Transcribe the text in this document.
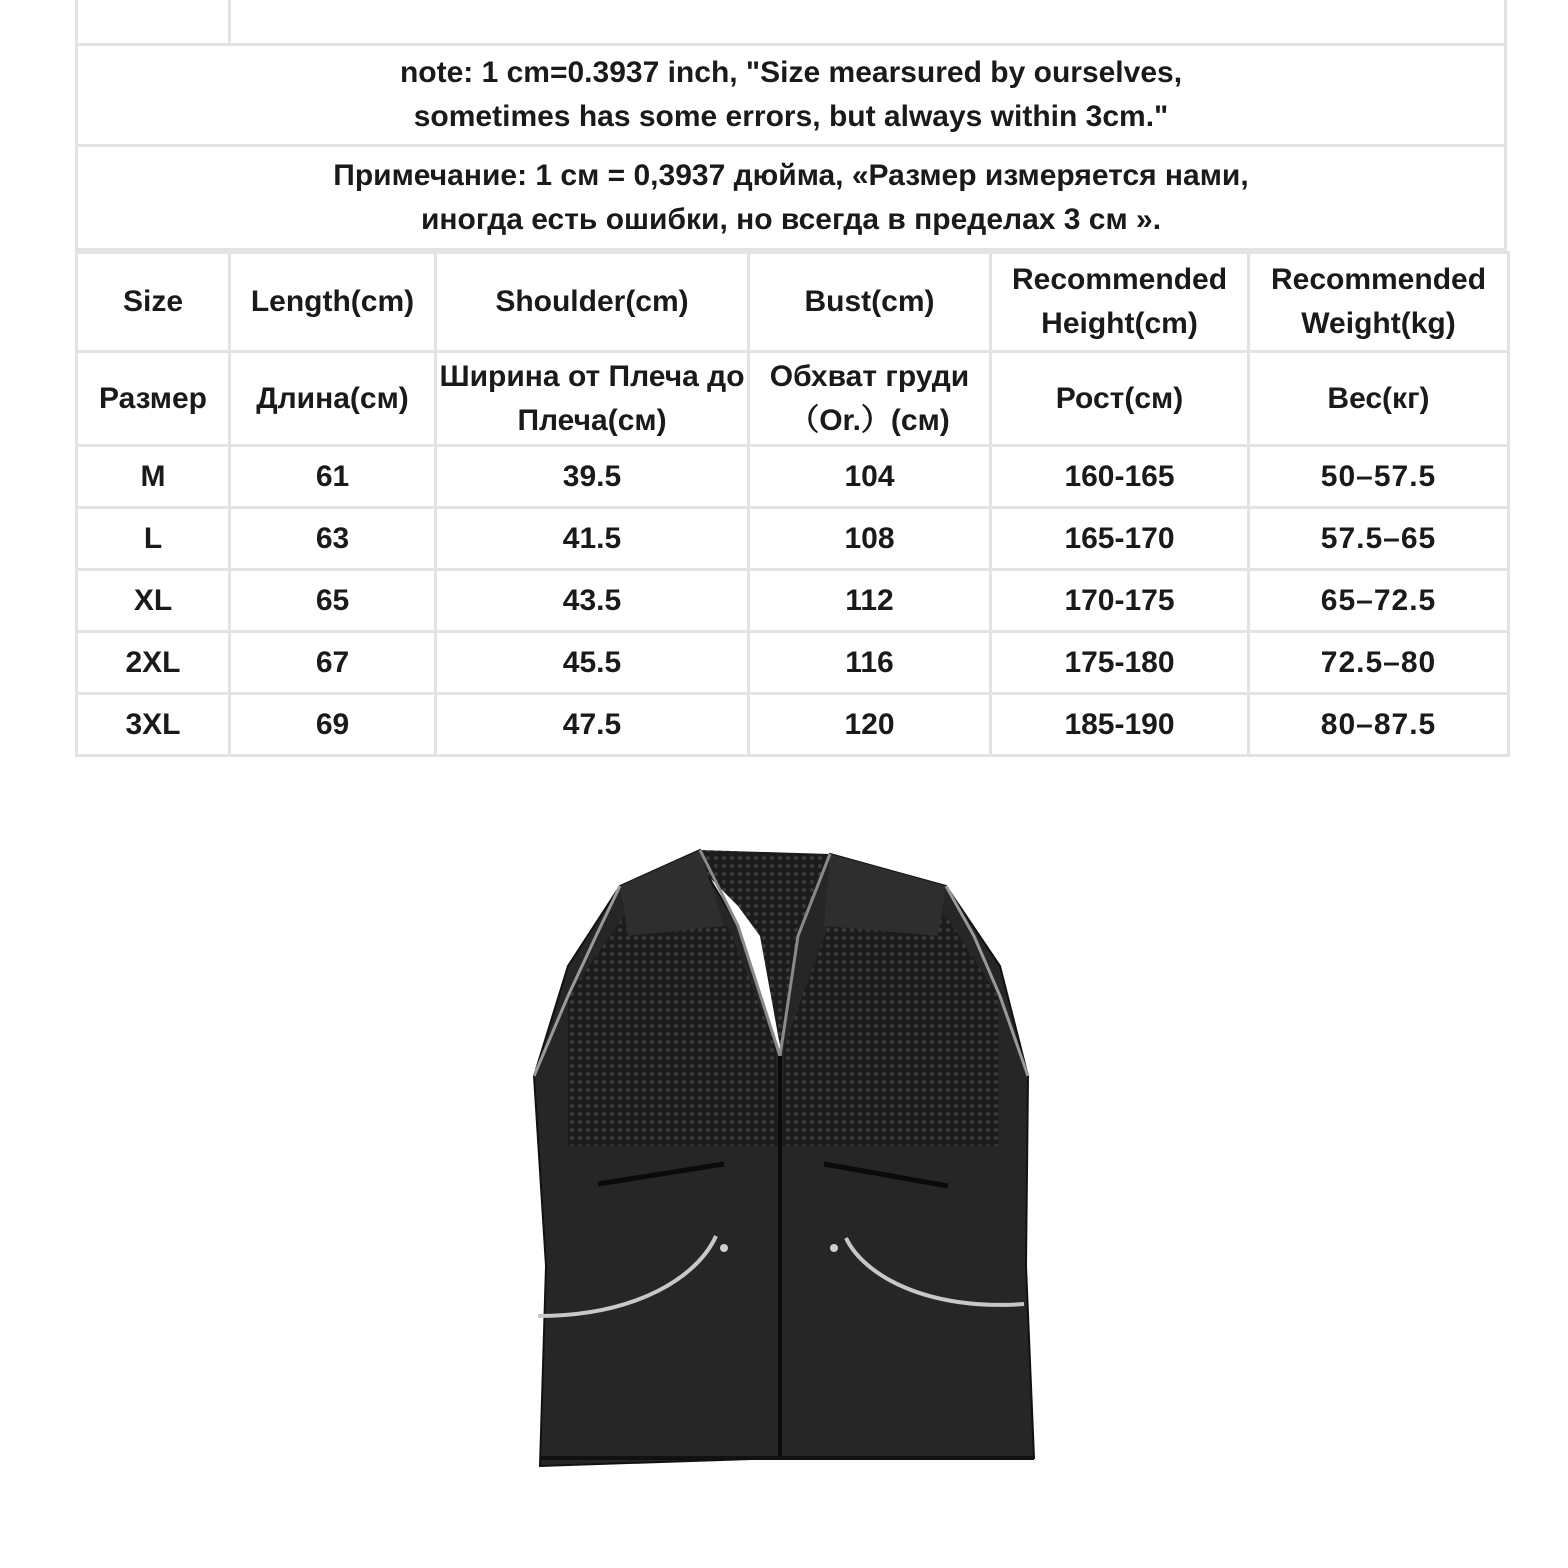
note: 1 cm=0.3937 inch, "Size mearsured by ourselves,
sometimes has some errors, but always within 3cm."
Примечание: 1 см = 0,3937 дюйма, «Размер измеряется нами,
иногда есть ошибки, но всегда в пределах 3 см ».
Size	Length(cm)	Shoulder(cm)	Bust(cm)	Recommended Height(cm)	Recommended Weight(kg)
Размер	Длина(см)	Ширина от Плеча до Плеча(см)	Обхват груди （Or.）(см)	Рост(см)	Вес(кг)
M	61	39.5	104	160-165	50–57.5
L	63	41.5	108	165-170	57.5–65
XL	65	43.5	112	170-175	65–72.5
2XL	67	45.5	116	175-180	72.5–80
3XL	69	47.5	120	185-190	80–87.5
